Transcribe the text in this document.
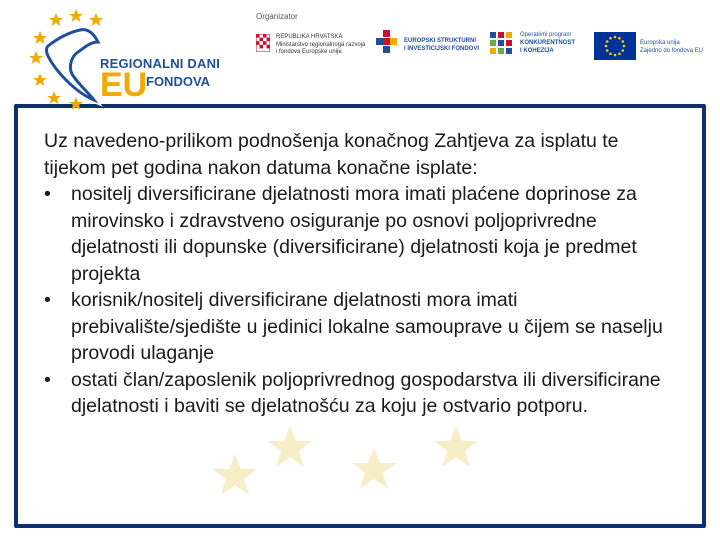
REGIONALNI DANI
EU
FONDOVA
Organizator
REPUBLIKA HRVATSKA
Ministarstvo regionalnoga razvoja
i fondova Europske unije
EUROPSKI STRUKTURNI
I INVESTICIJSKI FONDOVI
Operativni program
KONKURENTNOST
I KOHEZIJA
Europska unija
Zajedno do fondova EU

Uz navedeno-prilikom podnošenja konačnog Zahtjeva za isplatu te tijekom pet godina nakon datuma konačne isplate:

•	nositelj diversificirane djelatnosti mora imati plaćene doprinose za mirovinsko i zdravstveno osiguranje po osnovi poljoprivredne djelatnosti ili dopunske (diversificirane) djelatnosti koja je predmet projekta
•	korisnik/nositelj diversificirane djelatnosti mora imati prebivalište/sjedište u jedinici lokalne samouprave u čijem se naselju provodi ulaganje
•	ostati član/zaposlenik poljoprivrednog gospodarstva ili diversificirane djelatnosti i baviti se djelatnošću za koju je ostvario potporu.
